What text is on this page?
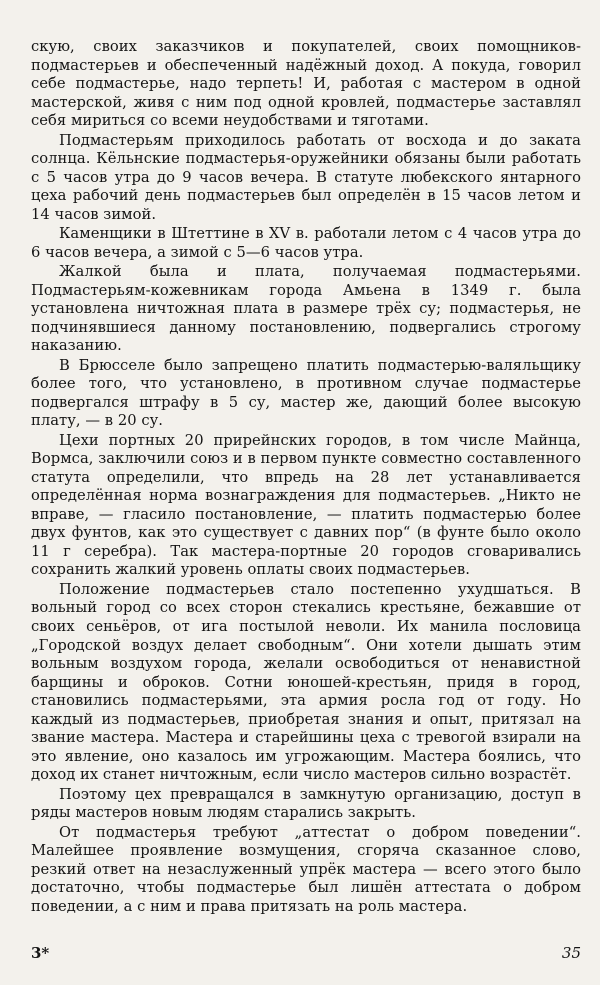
скую, своих заказчиков и покупателей, своих помощников-подмастерьев и обеспеченный надёжный доход. А покуда, говорил себе подмастерье, надо терпеть! И, работая с мастером в одной мастерской, живя с ним под одной кровлей, подмастерье заставлял себя мириться со всеми неудобствами и тяготами.

Подмастерьям приходилось работать от восхода и до заката солнца. Кёльнские подмастерья-оружейники обязаны были работать с 5 часов утра до 9 часов вечера. В статуте любекского янтарного цеха рабочий день подмастерьев был определён в 15 часов летом и 14 часов зимой.

Каменщики в Штеттине в XV в. работали летом с 4 часов утра до 6 часов вечера, а зимой с 5—6 часов утра.

Жалкой была и плата, получаемая подмастерьями. Подмастерьям-кожевникам города Амьена в 1349 г. была установлена ничтожная плата в размере трёх су; подмастерья, не подчинявшиеся данному постановлению, подвергались строгому наказанию.

В Брюсселе было запрещено платить подмастерью-валяльщику более того, что установлено, в противном случае подмастерье подвергался штрафу в 5 су, мастер же, дающий более высокую плату, — в 20 су.

Цехи портных 20 прирейнских городов, в том числе Майнца, Вормса, заключили союз и в первом пункте совместно составленного статута определили, что впредь на 28 лет устанавливается определённая норма вознаграждения для подмастерьев. „Никто не вправе, — гласило постановление, — платить подмастерью более двух фунтов, как это существует с давних пор“ (в фунте было около 11 г серебра). Так мастера-портные 20 городов сговаривались сохранить жалкий уровень оплаты своих подмастерьев.

Положение подмастерьев стало постепенно ухудшаться. В вольный город со всех сторон стекались крестьяне, бежавшие от своих сеньёров, от ига постылой неволи. Их манила пословица „Городской воздух делает свободным“. Они хотели дышать этим вольным воздухом города, желали освободиться от ненавистной барщины и оброков. Сотни юношей-крестьян, придя в город, становились подмастерьями, эта армия росла год от году. Но каждый из подмастерьев, приобретая знания и опыт, притязал на звание мастера. Мастера и старейшины цеха с тревогой взирали на это явление, оно казалось им угрожающим. Мастера боялись, что доход их станет ничтожным, если число мастеров сильно возрастёт.

Поэтому цех превращался в замкнутую организацию, доступ в ряды мастеров новым людям старались закрыть.

От подмастерья требуют „аттестат о добром поведении“. Малейшее проявление возмущения, сгоряча сказанное слово, резкий ответ на незаслуженный упрёк мастера — всего этого было достаточно, чтобы подмастерье был лишён аттестата о добром поведении, а с ним и права притязать на роль мастера.

3*	35
